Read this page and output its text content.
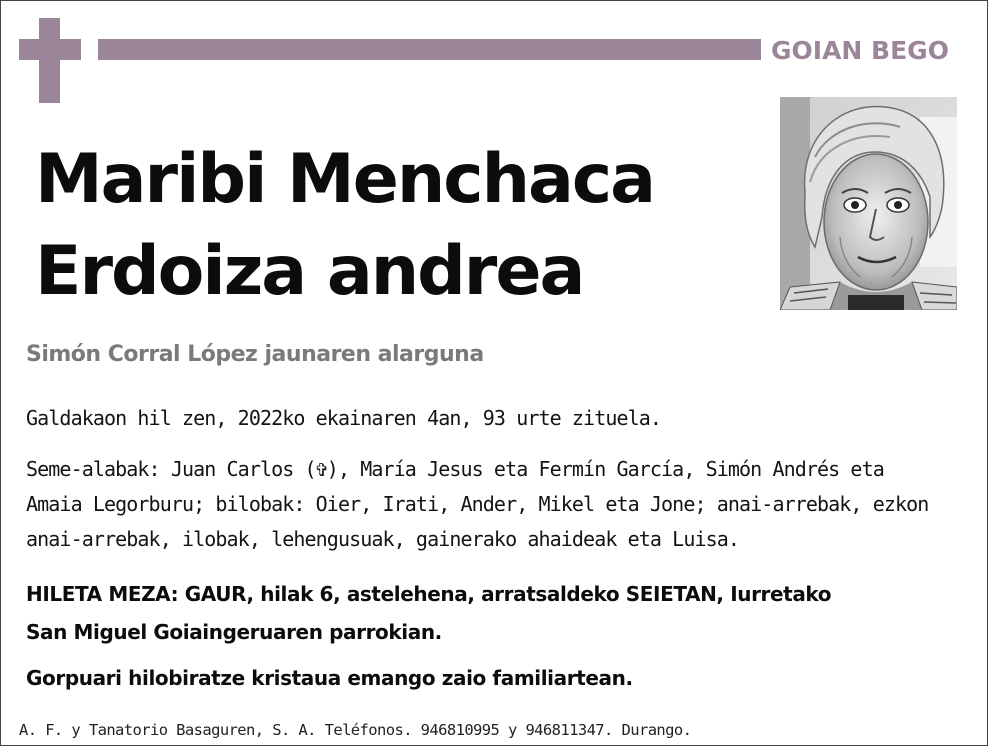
GOIAN BEGO
Maribi Menchaca
Erdoiza andrea
Simón Corral López jaunaren alarguna

Galdakaon hil zen, 2022ko ekainaren 4an, 93 urte zituela.

Seme-alabak: Juan Carlos (✞), María Jesus eta Fermín García, Simón Andrés eta
Amaia Legorburu; bilobak: Oier, Irati, Ander, Mikel eta Jone; anai-arrebak, ezkon
anai-arrebak, ilobak, lehengusuak, gainerako ahaideak eta Luisa.

HILETA MEZA: GAUR, hilak 6, astelehena, arratsaldeko SEIETAN, Iurretako
San Miguel Goiaingeruaren parrokian.

Gorpuari hilobiratze kristaua emango zaio familiartean.
A. F. y Tanatorio Basaguren, S. A. Teléfonos. 946810995 y 946811347. Durango.
